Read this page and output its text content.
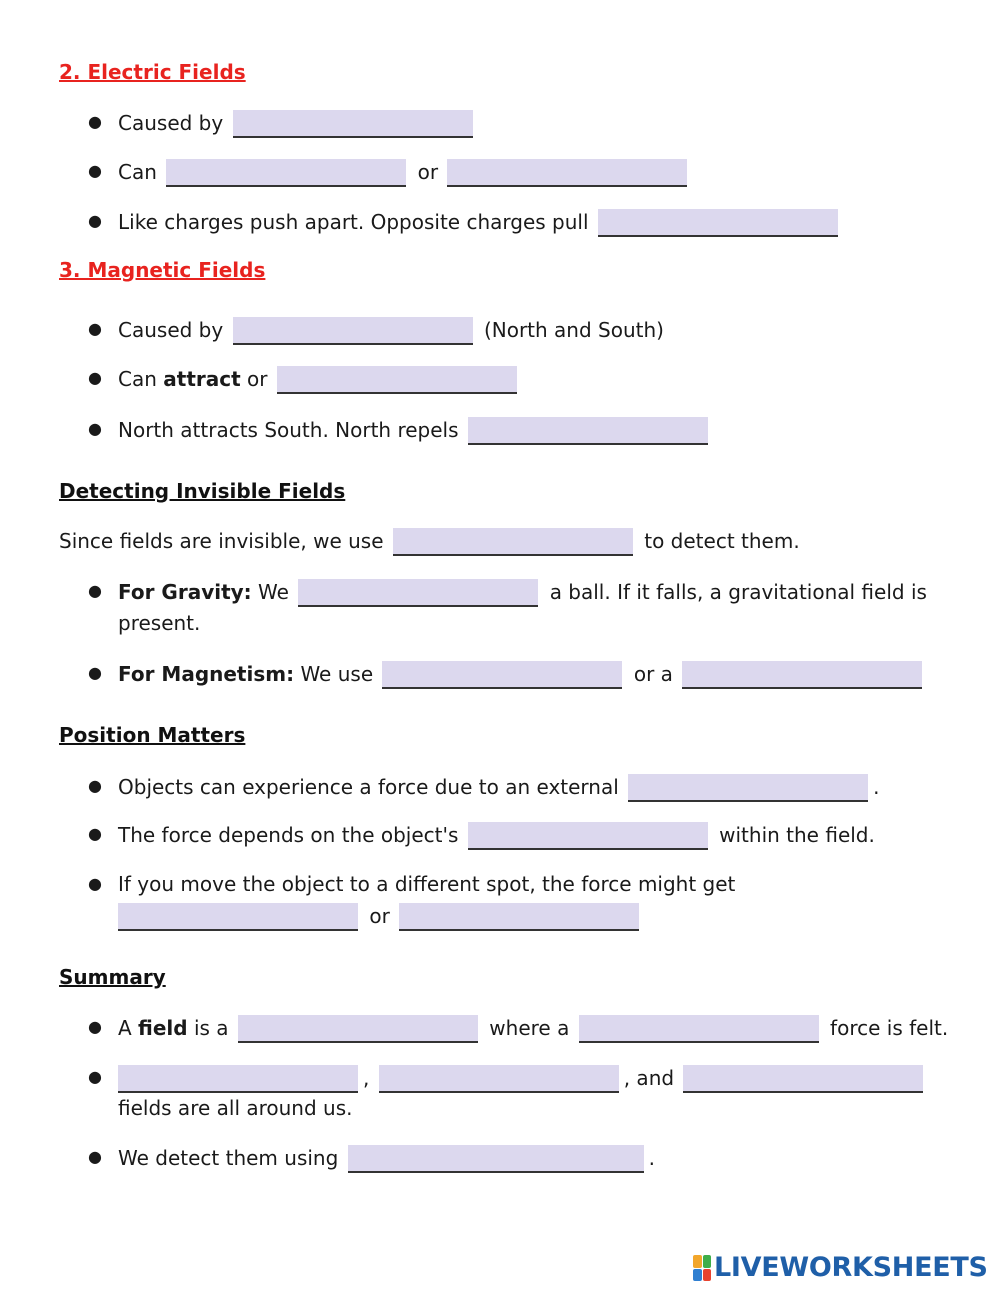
2. Electric Fields
●
Caused by
●
Can	or
●
Like charges push apart. Opposite charges pull
3. Magnetic Fields
●
Caused by	(North and South)
●
Can attract or
●
North attracts South. North repels
Detecting Invisible Fields
Since fields are invisible, we use	to detect them.
●
For Gravity: We	a ball. If it falls, a gravitational field is
present.
●
For Magnetism: We use	or a
Position Matters
●
Objects can experience a force due to an external	.
●
The force depends on the object's	within the field.
●
If you move the object to a different spot, the force might get
or
Summary
●
A field is a	where a	force is felt.
●
,	, and
fields are all around us.
●
We detect them using	.
LIVEWORKSHEETS
